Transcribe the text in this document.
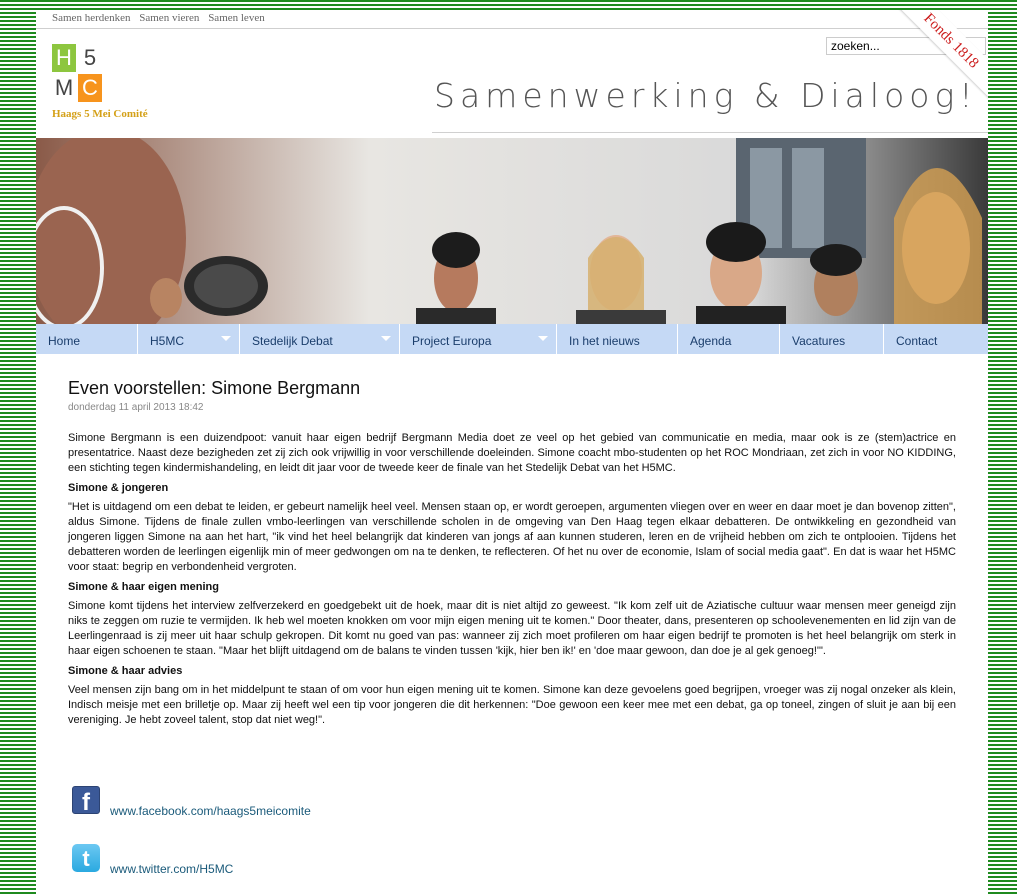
Samen herdenken Samen vieren Samen leven
H 5
M C
Haags 5 Mei Comité
zoeken...	Samenwerking & Dialoog!
Home	H5MC	Stedelijk Debat	Project Europa	In het nieuws	Agenda	Vacatures	Contact
Even voorstellen: Simone Bergmann
donderdag 11 april 2013 18:42

Simone Bergmann is een duizendpoot: vanuit haar eigen bedrijf Bergmann Media doet ze veel op het gebied van communicatie en media, maar ook is ze (stem)actrice en presentatrice. Naast deze bezigheden zet zij zich ook vrijwillig in voor verschillende doeleinden. Simone coacht mbo-studenten op het ROC Mondriaan, zet zich in voor NO KIDDING, een stichting tegen kindermishandeling, en leidt dit jaar voor de tweede keer de finale van het Stedelijk Debat van het H5MC.

Simone & jongeren

"Het is uitdagend om een debat te leiden, er gebeurt namelijk heel veel. Mensen staan op, er wordt geroepen, argumenten vliegen over en weer en daar moet je dan bovenop zitten", aldus Simone. Tijdens de finale zullen vmbo-leerlingen van verschillende scholen in de omgeving van Den Haag tegen elkaar debatteren. De ontwikkeling en gezondheid van jongeren liggen Simone na aan het hart, "ik vind het heel belangrijk dat kinderen van jongs af aan kunnen studeren, leren en de vrijheid hebben om zich te ontplooien. Tijdens het debatteren worden de leerlingen eigenlijk min of meer gedwongen om na te denken, te reflecteren. Of het nu over de economie, Islam of social media gaat". En dat is waar het H5MC voor staat: begrip en verbondenheid vergroten.

Simone & haar eigen mening

Simone komt tijdens het interview zelfverzekerd en goedgebekt uit de hoek, maar dit is niet altijd zo geweest. "Ik kom zelf uit de Aziatische cultuur waar mensen meer geneigd zijn niks te zeggen om ruzie te vermijden. Ik heb wel moeten knokken om voor mijn eigen mening uit te komen." Door theater, dans, presenteren op schoolevenementen en lid zijn van de Leerlingenraad is zij meer uit haar schulp gekropen. Dit komt nu goed van pas: wanneer zij zich moet profileren om haar eigen bedrijf te promoten is het heel belangrijk om sterk in haar eigen schoenen te staan. "Maar het blijft uitdagend om de balans te vinden tussen 'kijk, hier ben ik!' en 'doe maar gewoon, dan doe je al gek genoeg!'".

Simone & haar advies

Veel mensen zijn bang om in het middelpunt te staan of om voor hun eigen mening uit te komen. Simone kan deze gevoelens goed begrijpen, vroeger was zij nogal onzeker als klein, Indisch meisje met een brilletje op. Maar zij heeft wel een tip voor jongeren die dit herkennen: "Doe gewoon een keer mee met een debat, ga op toneel, zingen of sluit je aan bij een vereniging. Je hebt zoveel talent, stop dat niet weg!".

f	www.facebook.com/haags5meicomite
t	www.twitter.com/H5MC
Fonds 1818
